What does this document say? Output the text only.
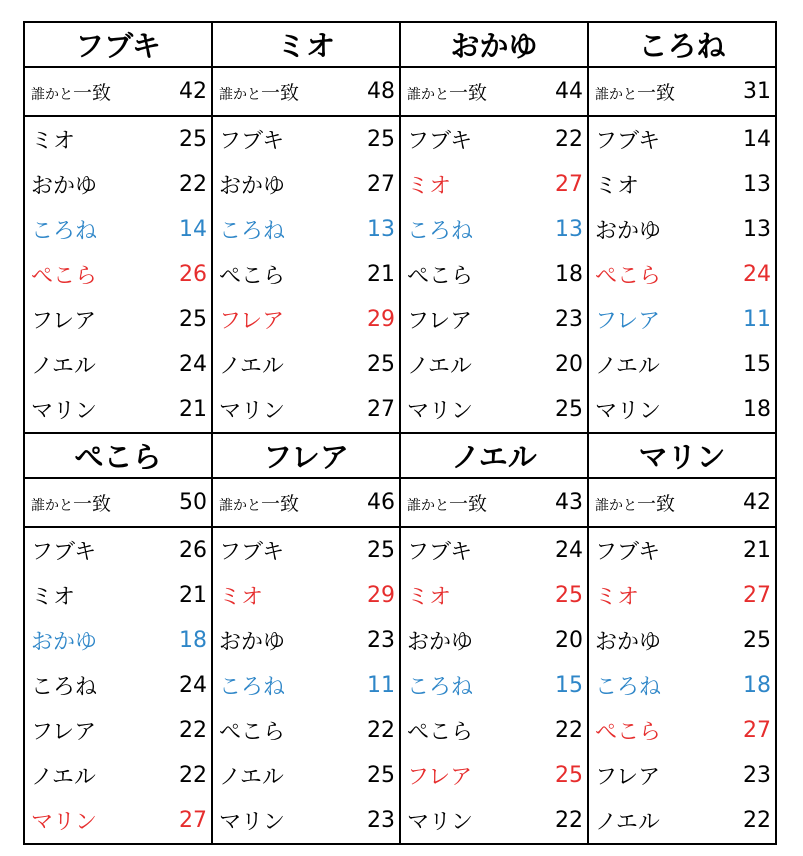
フブキ	ミオ	おかゆ	ころね

誰かと一致 42	誰かと一致 48	誰かと一致 44	誰かと一致 31

ミオ 25	フブキ 25	フブキ 22	フブキ 14

おかゆ 22	おかゆ 27	ミオ 27	ミオ 13

ころね 14	ころね 13	ころね 13	おかゆ 13

ぺこら 26	ぺこら 21	ぺこら 18	ぺこら 24

フレア 25	フレア 29	フレア 23	フレア 11

ノエル 24	ノエル 25	ノエル 20	ノエル 15

マリン 21	マリン 27	マリン 25	マリン 18

ぺこら	フレア	ノエル	マリン

誰かと一致 50	誰かと一致 46	誰かと一致 43	誰かと一致 42

フブキ 26	フブキ 25	フブキ 24	フブキ 21

ミオ 21	ミオ 29	ミオ 25	ミオ 27

おかゆ 18	おかゆ 23	おかゆ 20	おかゆ 25

ころね 24	ころね 11	ころね 15	ころね 18

フレア 22	ぺこら 22	ぺこら 22	ぺこら 27

ノエル 22	ノエル 25	フレア 25	フレア 23

マリン 27	マリン 23	マリン 22	ノエル 22
